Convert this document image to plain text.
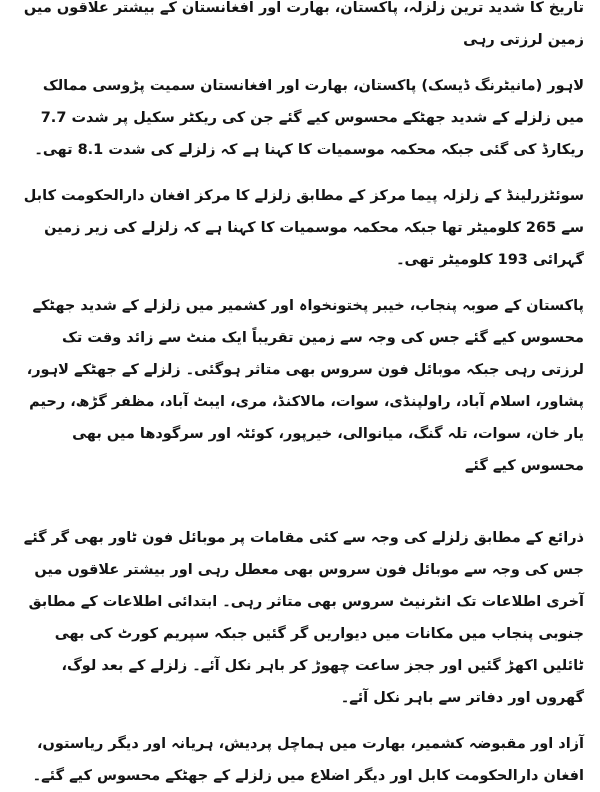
تاریخ کا شدید ترین زلزلہ، پاکستان، بھارت اور افغانستان کے بیشتر علاقوں میں زمین لرزتی رہی

لاہور (مانیٹرنگ ڈیسک) پاکستان، بھارت اور افغانستان سمیت پڑوسی ممالک میں زلزلے کے شدید جھٹکے محسوس کیے گئے جن کی ریکٹر سکیل پر شدت 7.7 ریکارڈ کی گئی جبکہ محکمہ موسمیات کا کہنا ہے کہ زلزلے کی شدت 8.1 تھی۔

سوئٹزرلینڈ کے زلزلہ پیما مرکز کے مطابق زلزلے کا مرکز افغان دارالحکومت کابل سے 265 کلومیٹر تھا جبکہ محکمہ موسمیات کا کہنا ہے کہ زلزلے کی زیر زمین گہرائی 193 کلومیٹر تھی۔

پاکستان کے صوبہ پنجاب، خیبر پختونخواہ اور کشمیر میں زلزلے کے شدید جھٹکے محسوس کیے گئے جس کی وجہ سے زمین تقریباً ایک منٹ سے زائد وقت تک لرزتی رہی جبکہ موبائل فون سروس بھی متاثر ہوگئی۔ زلزلے کے جھٹکے لاہور، پشاور، اسلام آباد، راولپنڈی، سوات، مالاکنڈ، مری، ایبٹ آباد، مظفر گڑھ، رحیم یار خان، سوات، تلہ گنگ، میانوالی، خیرپور، کوئٹہ اور سرگودھا میں بھی محسوس کیے گئے

ذرائع کے مطابق زلزلے کی وجہ سے کئی مقامات پر موبائل فون ٹاور بھی گر گئے جس کی وجہ سے موبائل فون سروس بھی معطل رہی اور بیشتر علاقوں میں آخری اطلاعات تک انٹرنیٹ سروس بھی متاثر رہی۔ ابتدائی اطلاعات کے مطابق جنوبی پنجاب میں مکانات میں دیواریں گر گئیں جبکہ سپریم کورٹ کی بھی ٹائلیں اکھڑ گئیں اور ججز ساعت چھوڑ کر باہر نکل آئے۔ زلزلے کے بعد لوگ، گھروں اور دفاتر سے باہر نکل آئے۔

آزاد اور مقبوضہ کشمیر، بھارت میں ہماچل پردیش، ہریانہ اور دیگر ریاستوں، افغان دارالحکومت کابل اور دیگر اضلاع میں زلزلے کے جھٹکے محسوس کیے گئے۔
